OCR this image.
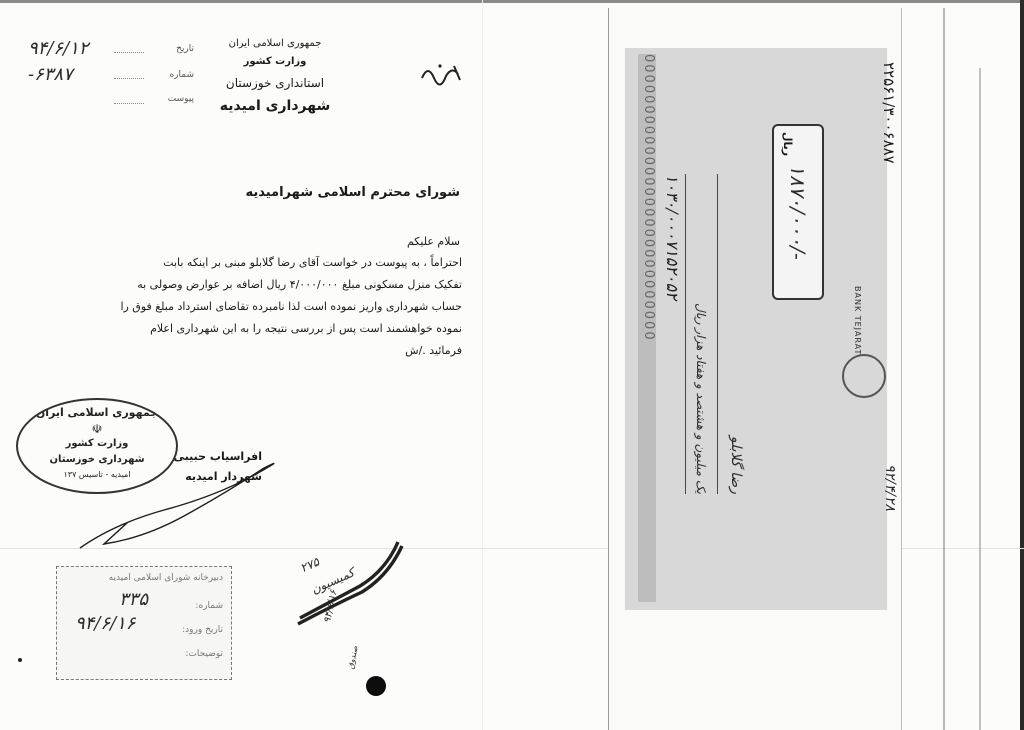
۹۴/۶/۱۲	تاریخ
-۶۳۸۷	شماره
پیوست
جمهوری اسلامی ایران
وزارت کشور
استانداری خوزستان
شهرداری امیدیه
شورای محترم اسلامی شهرامیدیه
سلام علیکم
احتراماً ، به پیوست در خواست آقای رضا گلابلو مبنی بر اینکه بابت
تفکیک منزل مسکونی مبلغ ۴/۰۰۰/۰۰۰ ریال اضافه بر عوارض وصولی به
حساب شهرداری واریز نموده است لذا نامبرده تقاضای استرداد مبلغ فوق را
نموده خواهشمند است پس از بررسی نتیجه را به این شهرداری اعلام
فرمائید ./ش
جمهوری اسلامی ایران
☫
وزارت کشور
شهرداری خوزستان
امیدیه - تاسیس ۱۳۷
افراسیاب حبیبی
شهردار امیدیه
دبیرخانه شورای اسلامی امیدیه
شماره:
تاریخ ورود:
توضیحات:
۳۳۵
۹۴/۶/۱۶
۲۷۵
کمیسیون
۹۴/۶/۱۶
صندوق
۲۲۵۶۱/۳۰۰۶۸۸۷
BANK TEJARAT
۱۸۷۰/۰۰۰/-
ریال
۹۲/۴/۲۸
رضا گلابلو
یک میلیون و هشتصد و هفتاد هزار ریال
۱۰۳۰/۰۰۰۷۱۵۲۰۵۲
0000000000000000000000000000
